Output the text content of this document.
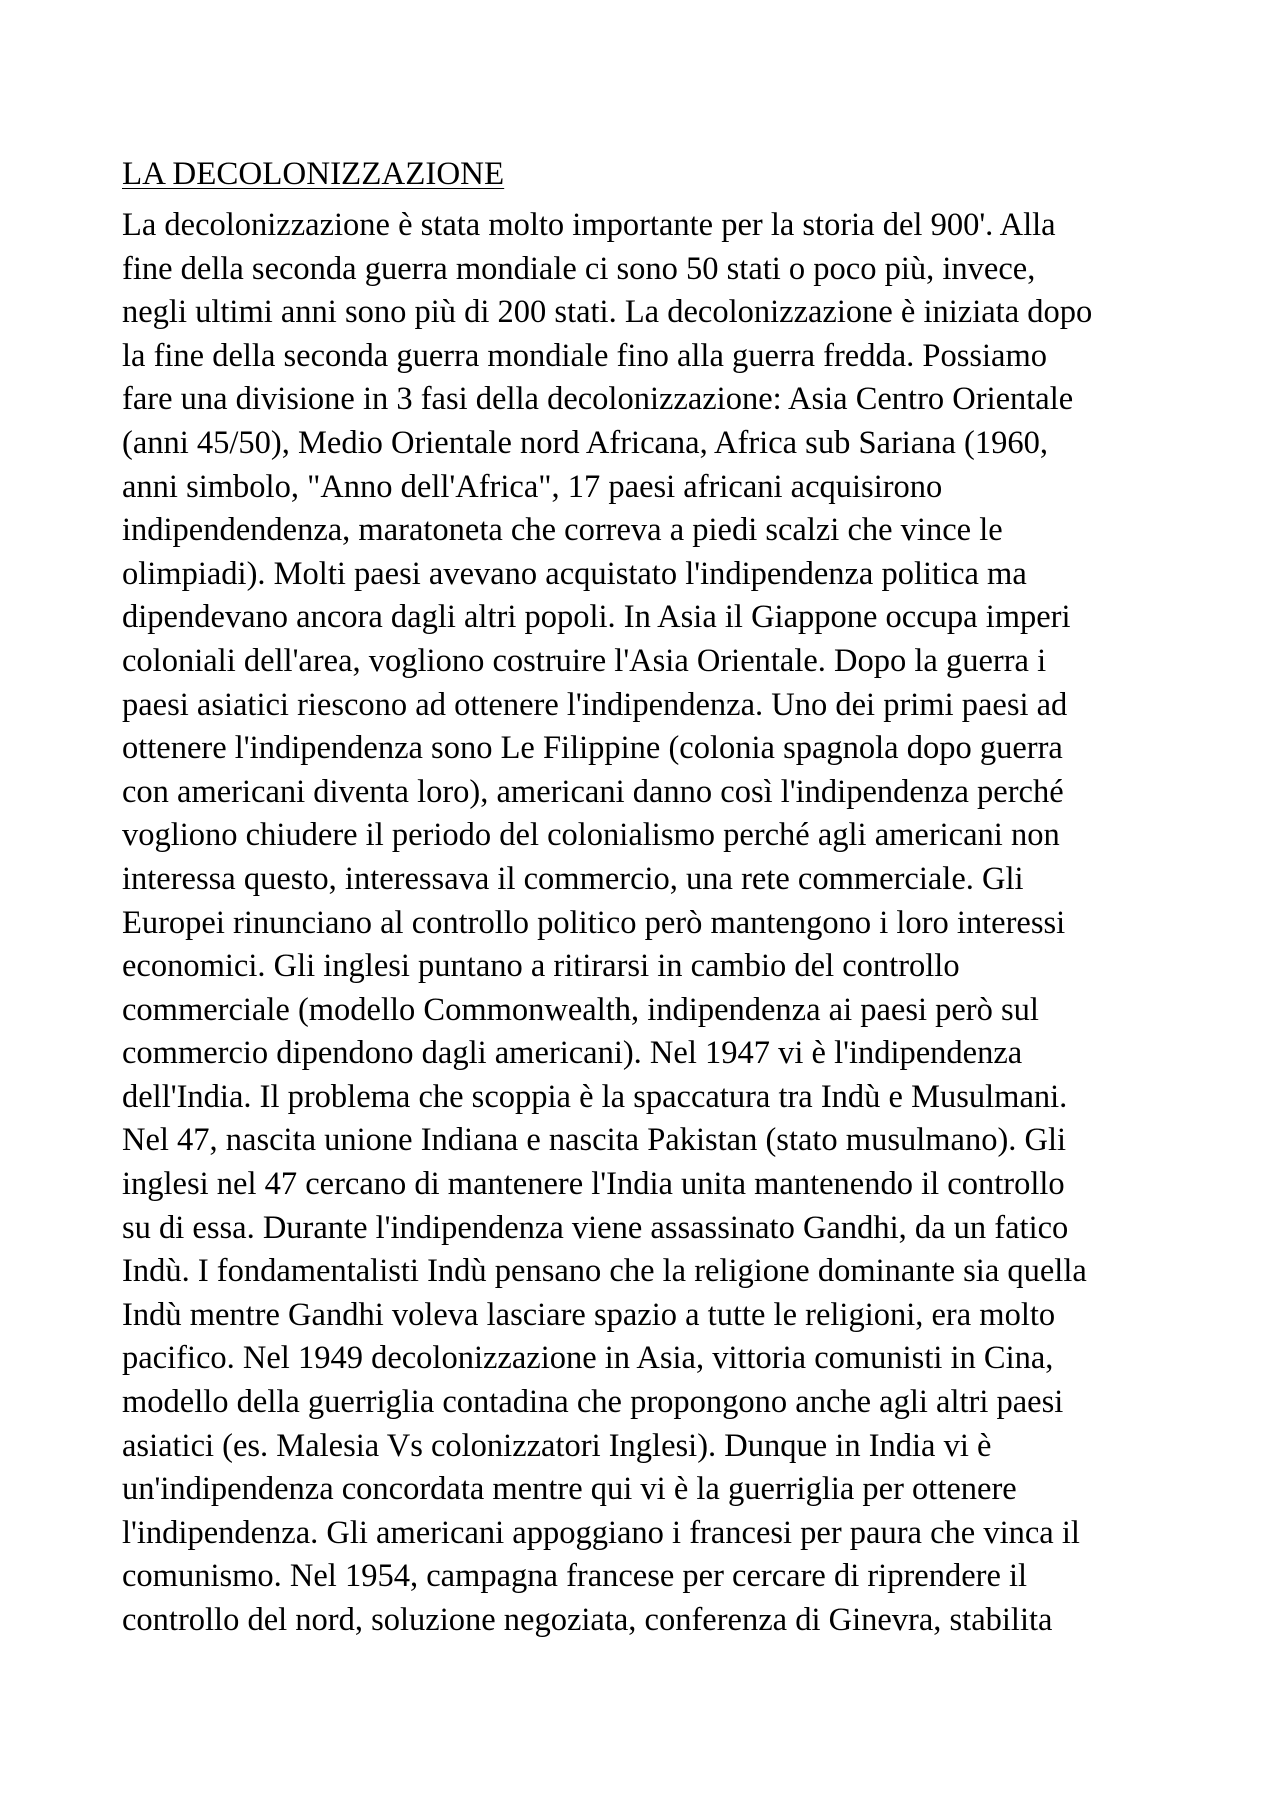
LA DECOLONIZZAZIONE

La decolonizzazione è stata molto importante per la storia del 900'. Alla
fine della seconda guerra mondiale ci sono 50 stati o poco più, invece,
negli ultimi anni sono più di 200 stati. La decolonizzazione è iniziata dopo
la fine della seconda guerra mondiale fino alla guerra fredda. Possiamo
fare una divisione in 3 fasi della decolonizzazione: Asia Centro Orientale
(anni 45/50), Medio Orientale nord Africana, Africa sub Sariana (1960,
anni simbolo, "Anno dell'Africa", 17 paesi africani acquisirono
indipendendenza, maratoneta che correva a piedi scalzi che vince le
olimpiadi). Molti paesi avevano acquistato l'indipendenza politica ma
dipendevano ancora dagli altri popoli. In Asia il Giappone occupa imperi
coloniali dell'area, vogliono costruire l'Asia Orientale. Dopo la guerra i
paesi asiatici riescono ad ottenere l'indipendenza. Uno dei primi paesi ad
ottenere l'indipendenza sono Le Filippine (colonia spagnola dopo guerra
con americani diventa loro), americani danno così l'indipendenza perché
vogliono chiudere il periodo del colonialismo perché agli americani non
interessa questo, interessava il commercio, una rete commerciale. Gli
Europei rinunciano al controllo politico però mantengono i loro interessi
economici. Gli inglesi puntano a ritirarsi in cambio del controllo
commerciale (modello Commonwealth, indipendenza ai paesi però sul
commercio dipendono dagli americani). Nel 1947 vi è l'indipendenza
dell'India. Il problema che scoppia è la spaccatura tra Indù e Musulmani.
Nel 47, nascita unione Indiana e nascita Pakistan (stato musulmano). Gli
inglesi nel 47 cercano di mantenere l'India unita mantenendo il controllo
su di essa. Durante l'indipendenza viene assassinato Gandhi, da un fatico
Indù. I fondamentalisti Indù pensano che la religione dominante sia quella
Indù mentre Gandhi voleva lasciare spazio a tutte le religioni, era molto
pacifico. Nel 1949 decolonizzazione in Asia, vittoria comunisti in Cina,
modello della guerriglia contadina che propongono anche agli altri paesi
asiatici (es. Malesia Vs colonizzatori Inglesi). Dunque in India vi è
un'indipendenza concordata mentre qui vi è la guerriglia per ottenere
l'indipendenza. Gli americani appoggiano i francesi per paura che vinca il
comunismo. Nel 1954, campagna francese per cercare di riprendere il
controllo del nord, soluzione negoziata, conferenza di Ginevra, stabilita
